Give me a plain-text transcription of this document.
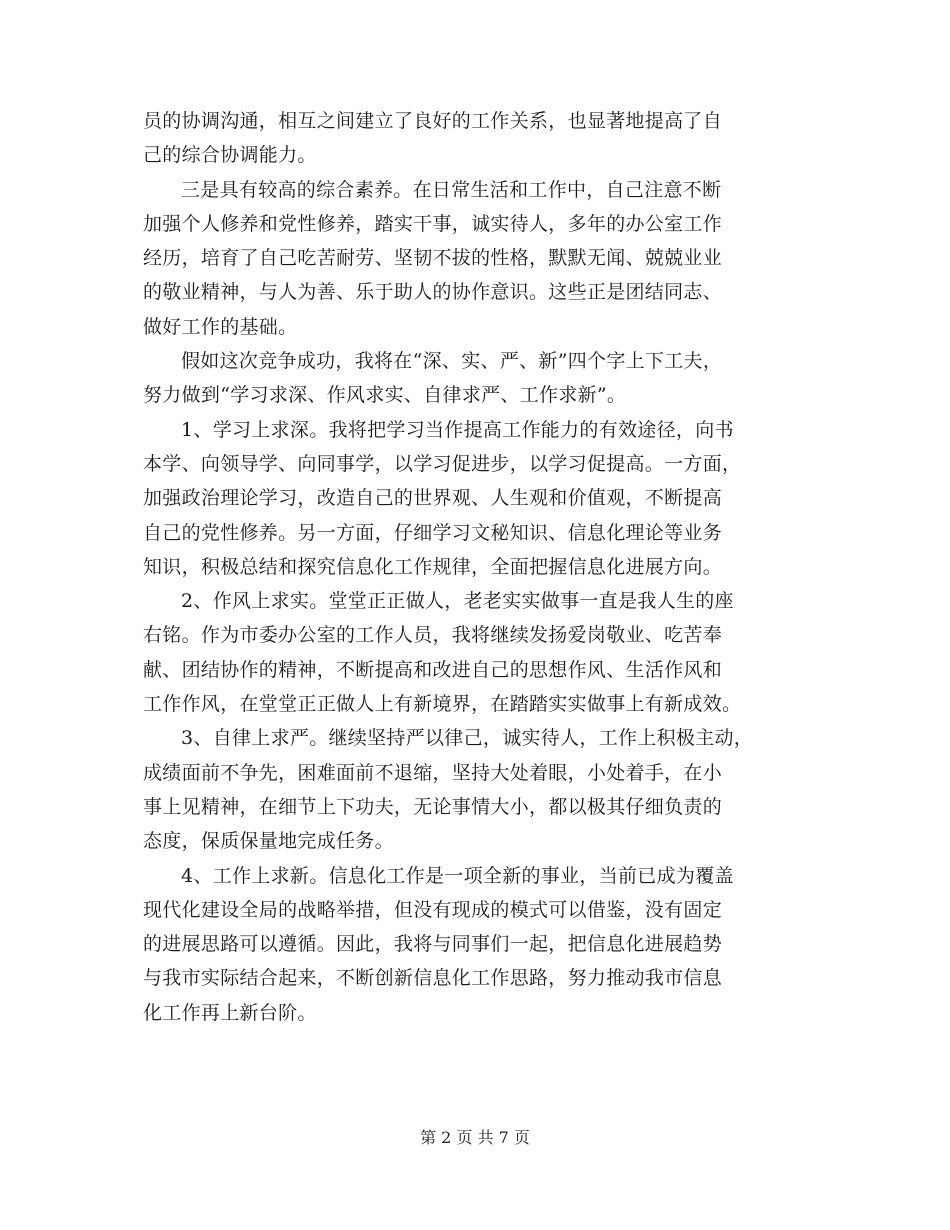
员的协调沟通，相互之间建立了良好的工作关系，也显著地提高了自
己的综合协调能力。
三是具有较高的综合素养。在日常生活和工作中，自己注意不断
加强个人修养和党性修养，踏实干事，诚实待人，多年的办公室工作
经历，培育了自己吃苦耐劳、坚韧不拔的性格，默默无闻、兢兢业业
的敬业精神，与人为善、乐于助人的协作意识。这些正是团结同志、
做好工作的基础。
假如这次竞争成功，我将在“深、实、严、新”四个字上下工夫，
努力做到“学习求深、作风求实、自律求严、工作求新”。
1、学习上求深。我将把学习当作提高工作能力的有效途径，向书
本学、向领导学、向同事学，以学习促进步，以学习促提高。一方面，
加强政治理论学习，改造自己的世界观、人生观和价值观，不断提高
自己的党性修养。另一方面，仔细学习文秘知识、信息化理论等业务
知识，积极总结和探究信息化工作规律，全面把握信息化进展方向。
2、作风上求实。堂堂正正做人，老老实实做事一直是我人生的座
右铭。作为市委办公室的工作人员，我将继续发扬爱岗敬业、吃苦奉
献、团结协作的精神，不断提高和改进自己的思想作风、生活作风和
工作作风，在堂堂正正做人上有新境界，在踏踏实实做事上有新成效。
3、自律上求严。继续坚持严以律己，诚实待人，工作上积极主动，
成绩面前不争先，困难面前不退缩，坚持大处着眼，小处着手，在小
事上见精神，在细节上下功夫，无论事情大小，都以极其仔细负责的
态度，保质保量地完成任务。
4、工作上求新。信息化工作是一项全新的事业，当前已成为覆盖
现代化建设全局的战略举措，但没有现成的模式可以借鉴，没有固定
的进展思路可以遵循。因此，我将与同事们一起，把信息化进展趋势
与我市实际结合起来，不断创新信息化工作思路，努力推动我市信息
化工作再上新台阶。
第 2 页 共 7 页
